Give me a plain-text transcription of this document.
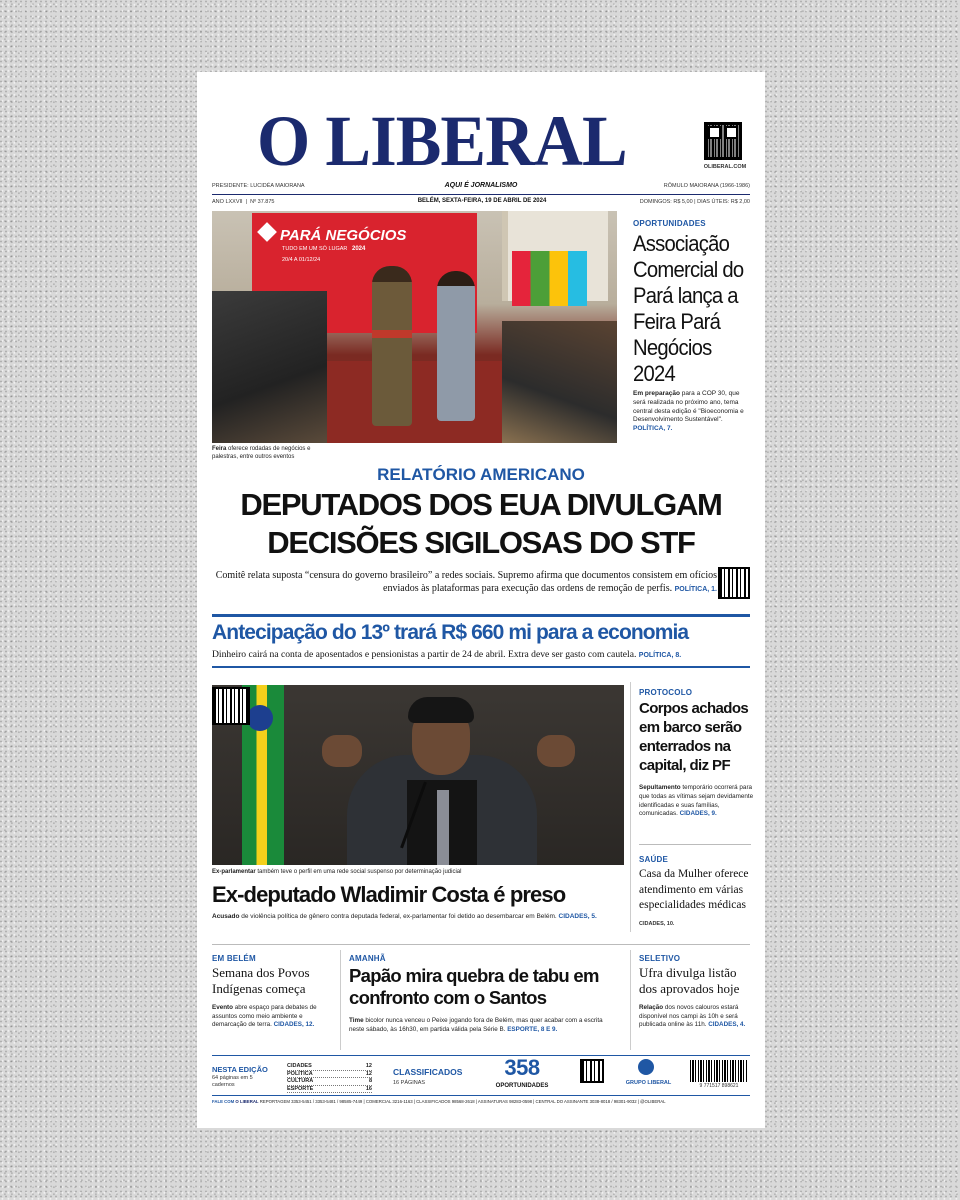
O LIBERAL	OLIBERAL.COM
PRESIDENTE: LUCIDÉA MAIORANA	AQUI É JORNALISMO	RÔMULO MAIORANA (1966-1986)
ANO LXXVII  |  Nº 37.875	BELÉM, SEXTA-FEIRA, 19 DE ABRIL DE 2024	DOMINGOS: R$ 5,00 | DIAS ÚTEIS: R$ 2,00
PARÁ NEGÓCIOS
TUDO EM UM SÓ LUGAR 2024
20/4 A 01/12/24
Feira oferece rodadas de negócios e palestras, entre outros eventos
OPORTUNIDADES
Associação Comercial do Pará lança a Feira Pará Negócios 2024
Em preparação para a COP 30, que será realizada no próximo ano, tema central desta edição é "Bioeconomia e Desenvolvimento Sustentável". POLÍTICA, 7.
RELATÓRIO AMERICANO
DEPUTADOS DOS EUA DIVULGAM
DECISÕES SIGILOSAS DO STF
Comitê relata suposta “censura do governo brasileiro” a redes sociais. Supremo afirma que documentos consistem em ofícios enviados às plataformas para execução das ordens de remoção de perfis. POLÍTICA, 1.
Antecipação do 13º trará R$ 660 mi para a economia
Dinheiro cairá na conta de aposentados e pensionistas a partir de 24 de abril. Extra deve ser gasto com cautela. POLÍTICA, 8.
Ex-parlamentar também teve o perfil em uma rede social suspenso por determinação judicial
Ex-deputado Wladimir Costa é preso
Acusado de violência política de gênero contra deputada federal, ex-parlamentar foi detido ao desembarcar em Belém. CIDADES, 5.
PROTOCOLO
Corpos achados em barco serão enterrados na capital, diz PF
Sepultamento temporário ocorrerá para que todas as vítimas sejam devidamente identificadas e suas famílias, comunicadas. CIDADES, 9.
SAÚDE
Casa da Mulher oferece atendimento em várias especialidades médicas
CIDADES, 10.
EM BELÉM
Semana dos Povos Indígenas começa
Evento abre espaço para debates de assuntos como meio ambiente e demarcação de terra. CIDADES, 12.
AMANHÃ
Papão mira quebra de tabu em confronto com o Santos
Time bicolor nunca venceu o Peixe jogando fora de Belém, mas quer acabar com a escrita neste sábado, às 16h30, em partida válida pela Série B. ESPORTE, 8 E 9.
SELETIVO
Ufra divulga listão dos aprovados hoje
Relação dos novos calouros estará disponível nos campi às 10h e será publicada online às 11h. CIDADES, 4.
NESTA EDIÇÃO
64 páginas em 5 cadernos
CIDADES	12
POLÍTICA	12
CULTURA	8
ESPORTE	16
CLASSIFICADOS
16 PÁGINAS
358
OPORTUNIDADES	GRUPO LIBERAL	9 771517 898621
FALE COM O LIBERAL REPORTAGEM 3353-5451 / 3353-5481 / 98585-7449 | COMERCIAL 3216-1163 | CLASSIFICADOS 98568-2618 | ASSINATURAS 98283-0598 | CENTRAL DO ASSINANTE 3038-8018 / 98301-9032 | @OLIBERAL
